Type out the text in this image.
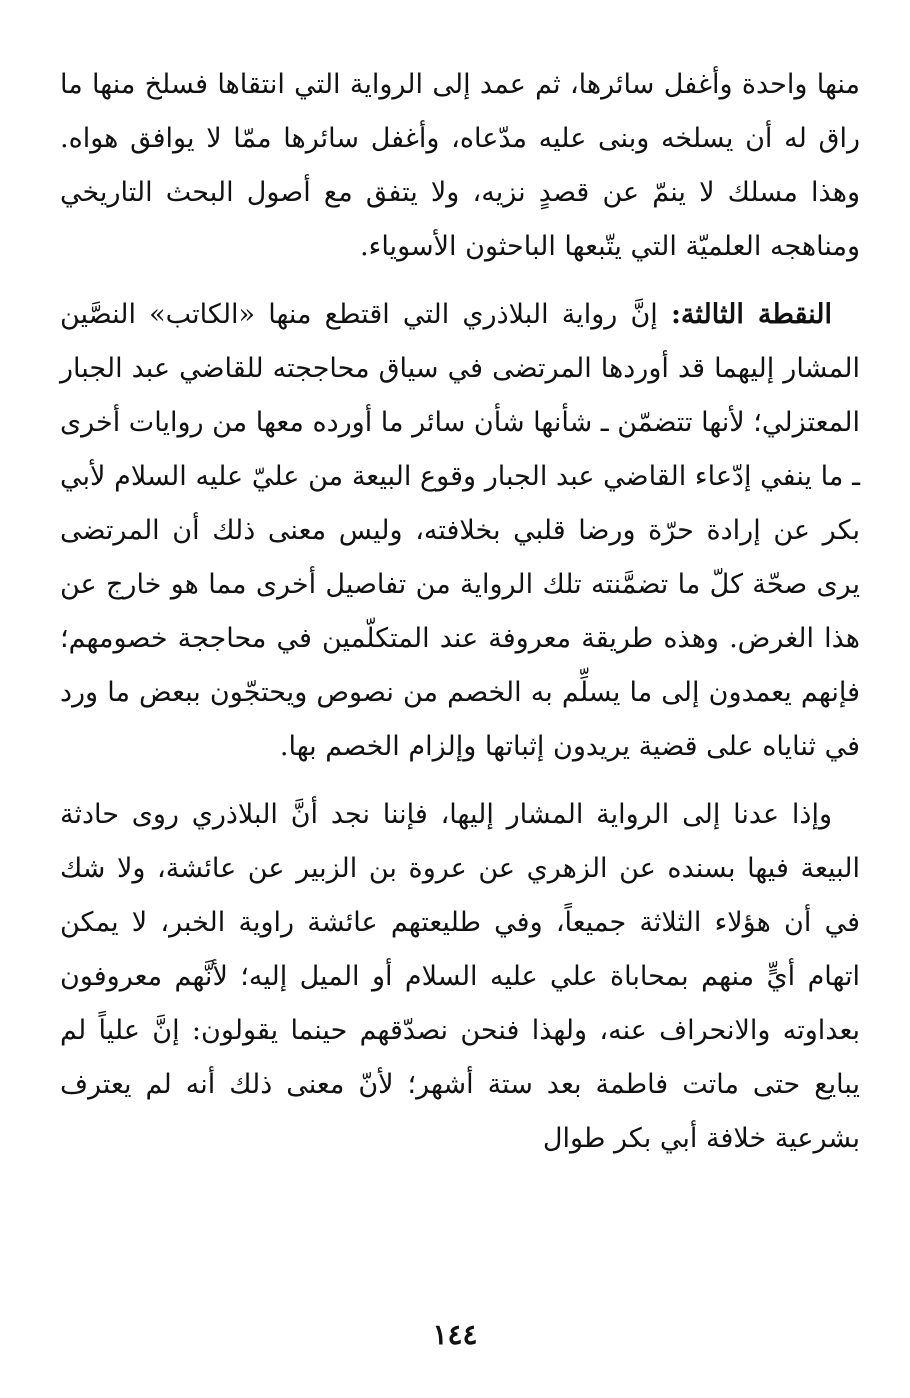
منها واحدة وأغفل سائرها، ثم عمد إلى الرواية التي انتقاها فسلخ منها ما راق له أن يسلخه وبنى عليه مدّعاه، وأغفل سائرها ممّا لا يوافق هواه. وهذا مسلك لا ينمّ عن قصدٍ نزيه، ولا يتفق مع أصول البحث التاريخي ومناهجه العلميّة التي يتّبعها الباحثون الأسوياء.

النقطة الثالثة: إنَّ رواية البلاذري التي اقتطع منها «الكاتب» النصَّين المشار إليهما قد أوردها المرتضى في سياق محاججته للقاضي عبد الجبار المعتزلي؛ لأنها تتضمّن ـ شأنها شأن سائر ما أورده معها من روايات أخرى ـ ما ينفي إدّعاء القاضي عبد الجبار وقوع البيعة من عليّ عليه السلام لأبي بكر عن إرادة حرّة ورضا قلبي بخلافته، وليس معنى ذلك أن المرتضى يرى صحّة كلّ ما تضمَّنته تلك الرواية من تفاصيل أخرى مما هو خارج عن هذا الغرض. وهذه طريقة معروفة عند المتكلّمين في محاججة خصومهم؛ فإنهم يعمدون إلى ما يسلِّم به الخصم من نصوص ويحتجّون ببعض ما ورد في ثناياه على قضية يريدون إثباتها وإلزام الخصم بها.

وإذا عدنا إلى الرواية المشار إليها، فإننا نجد أنَّ البلاذري روى حادثة البيعة فيها بسنده عن الزهري عن عروة بن الزبير عن عائشة، ولا شك في أن هؤلاء الثلاثة جميعاً، وفي طليعتهم عائشة راوية الخبر، لا يمكن اتهام أيٍّ منهم بمحاباة علي عليه السلام أو الميل إليه؛ لأنَّهم معروفون بعداوته والانحراف عنه، ولهذا فنحن نصدّقهم حينما يقولون: إنَّ علياً لم يبايع حتى ماتت فاطمة بعد ستة أشهر؛ لأنّ معنى ذلك أنه لم يعترف بشرعية خلافة أبي بكر طوال

١٤٤
